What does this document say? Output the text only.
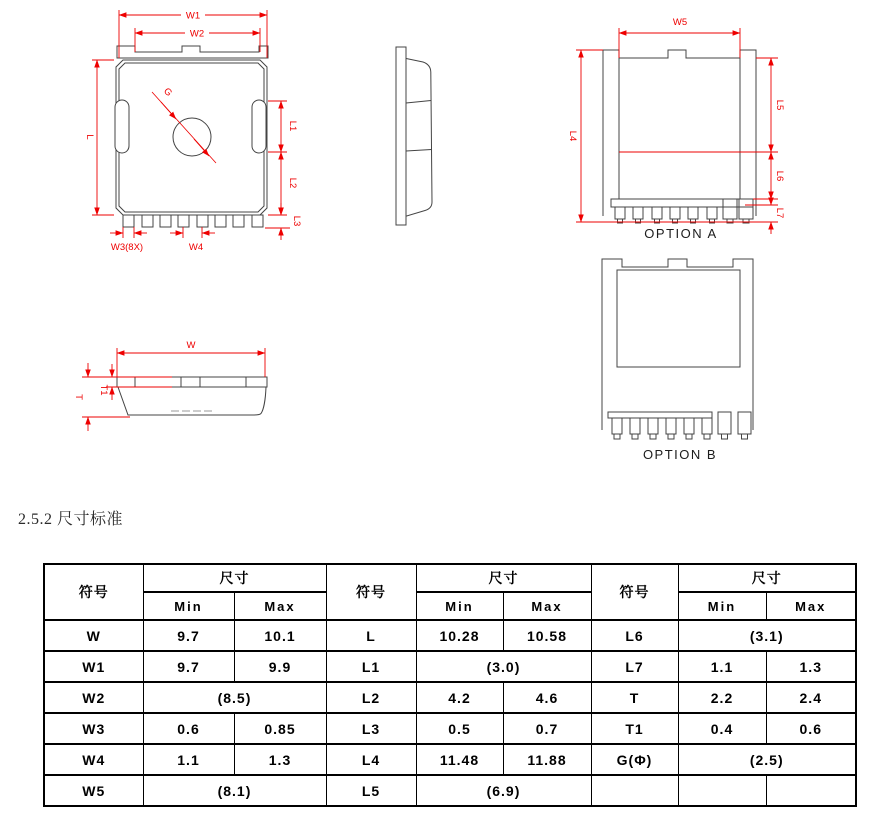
W1
W2
G
L
L1
L2
L3
W3(8X)	W4
W5
L4
L5
L6
L7
OPTION A
OPTION B
W
T
T1
2.5.2 尺寸标准
符号	尺寸		符号	尺寸		符号	尺寸	
	Min	Max		Min	Max		Min	Max
W	9.7	10.1	L	10.28	10.58	L6	(3.1)	
W1	9.7	9.9	L1	(3.0)		L7	1.1	1.3
W2	(8.5)		L2	4.2	4.6	T	2.2	2.4
W3	0.6	0.85	L3	0.5	0.7	T1	0.4	0.6
W4	1.1	1.3	L4	11.48	11.88	G(Φ)	(2.5)	
W5	(8.1)		L5	(6.9)				
